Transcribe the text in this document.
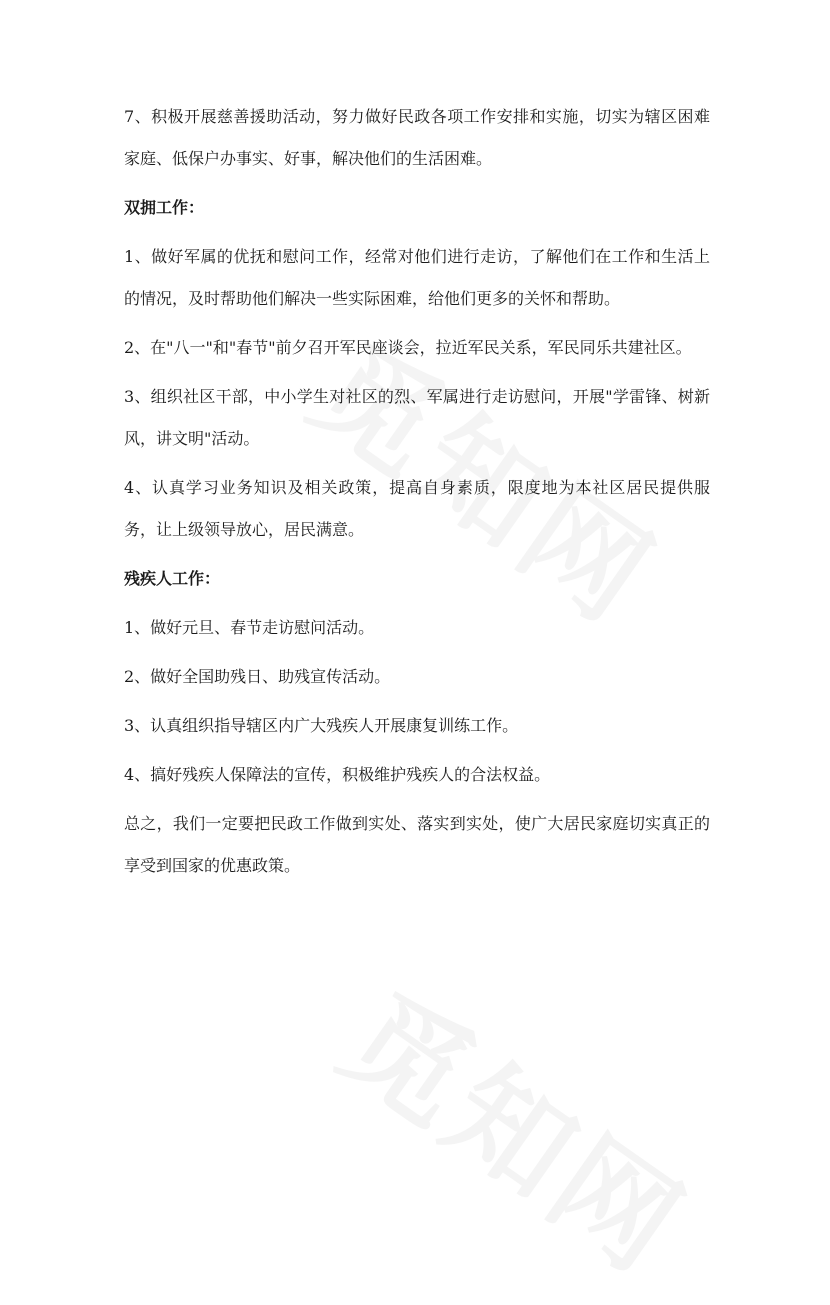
7、积极开展慈善援助活动，努力做好民政各项工作安排和实施，切实为辖区困难家庭、低保户办事实、好事，解决他们的生活困难。

双拥工作：

1、做好军属的优抚和慰问工作，经常对他们进行走访，了解他们在工作和生活上的情况，及时帮助他们解决一些实际困难，给他们更多的关怀和帮助。

2、在"八一"和"春节"前夕召开军民座谈会，拉近军民关系，军民同乐共建社区。

3、组织社区干部，中小学生对社区的烈、军属进行走访慰问，开展"学雷锋、树新风，讲文明"活动。

4、认真学习业务知识及相关政策，提高自身素质，限度地为本社区居民提供服务，让上级领导放心，居民满意。

残疾人工作：

1、做好元旦、春节走访慰问活动。

2、做好全国助残日、助残宣传活动。

3、认真组织指导辖区内广大残疾人开展康复训练工作。

4、搞好残疾人保障法的宣传，积极维护残疾人的合法权益。

总之，我们一定要把民政工作做到实处、落实到实处，使广大居民家庭切实真正的享受到国家的优惠政策。
